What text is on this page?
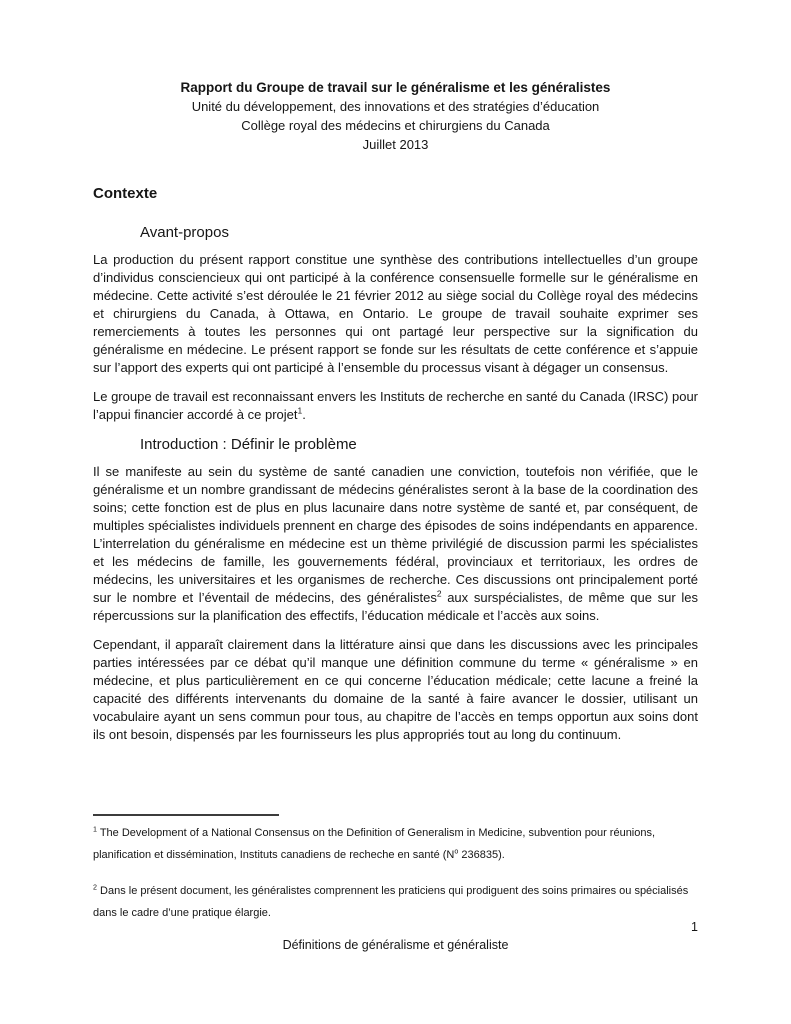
Rapport du Groupe de travail sur le généralisme et les généralistes
Unité du développement, des innovations et des stratégies d’éducation
Collège royal des médecins et chirurgiens du Canada
Juillet 2013
Contexte
Avant-propos

La production du présent rapport constitue une synthèse des contributions intellectuelles d’un groupe d’individus consciencieux qui ont participé à la conférence consensuelle formelle sur le généralisme en médecine. Cette activité s’est déroulée le 21 février 2012 au siège social du Collège royal des médecins et chirurgiens du Canada, à Ottawa, en Ontario. Le groupe de travail souhaite exprimer ses remerciements à toutes les personnes qui ont partagé leur perspective sur la signification du généralisme en médecine. Le présent rapport se fonde sur les résultats de cette conférence et s’appuie sur l’apport des experts qui ont participé à l’ensemble du processus visant à dégager un consensus.

Le groupe de travail est reconnaissant envers les Instituts de recherche en santé du Canada (IRSC) pour l’appui financier accordé à ce projet$^1$.

Introduction : Définir le problème

Il se manifeste au sein du système de santé canadien une conviction, toutefois non vérifiée, que le généralisme et un nombre grandissant de médecins généralistes seront à la base de la coordination des soins; cette fonction est de plus en plus lacunaire dans notre système de santé et, par conséquent, de multiples spécialistes individuels prennent en charge des épisodes de soins indépendants en apparence. L’interrelation du généralisme en médecine est un thème privilégié de discussion parmi les spécialistes et les médecins de famille, les gouvernements fédéral, provinciaux et territoriaux, les ordres de médecins, les universitaires et les organismes de recherche. Ces discussions ont principalement porté sur le nombre et l’éventail de médecins, des généralistes$^2$ aux surspécialistes, de même que sur les répercussions sur la planification des effectifs, l’éducation médicale et l’accès aux soins.

Cependant, il apparaît clairement dans la littérature ainsi que dans les discussions avec les principales parties intéressées par ce débat qu’il manque une définition commune du terme « généralisme » en médecine, et plus particulièrement en ce qui concerne l’éducation médicale; cette lacune a freiné la capacité des différents intervenants du domaine de la santé à faire avancer le dossier, utilisant un vocabulaire ayant un sens commun pour tous, au chapitre de l’accès en temps opportun aux soins dont ils ont besoin, dispensés par les fournisseurs les plus appropriés tout au long du continuum.

$^1$ The Development of a National Consensus on the Definition of Generalism in Medicine, subvention pour réunions, planification et dissémination, Instituts canadiens de recheche en santé (N$^o$ 236835).

$^2$ Dans le présent document, les généralistes comprennent les praticiens qui prodiguent des soins primaires ou spécialisés dans le cadre d’une pratique élargie.

1
Définitions de généralisme et généraliste
